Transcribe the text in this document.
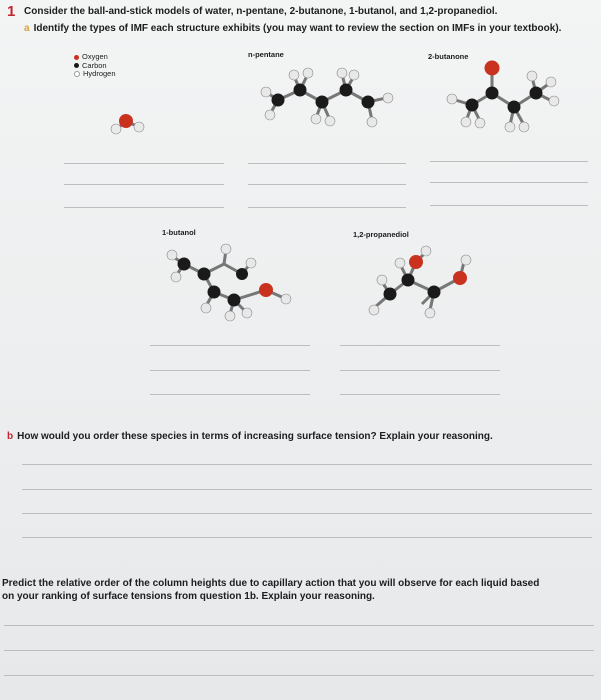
1 Consider the ball-and-stick models of water, n-pentane, 2-butanone, 1-butanol, and 1,2-propanediol.
a Identify the types of IMF each structure exhibits (you may want to review the section on IMFs in your textbook).
Oxygen
Carbon
Hydrogen
n-pentane	2-butanone
1-butanol	1,2-propanediol
b How would you order these species in terms of increasing surface tension? Explain your reasoning.
Predict the relative order of the column heights due to capillary action that you will observe for each liquid based
on your ranking of surface tensions from question 1b. Explain your reasoning.
